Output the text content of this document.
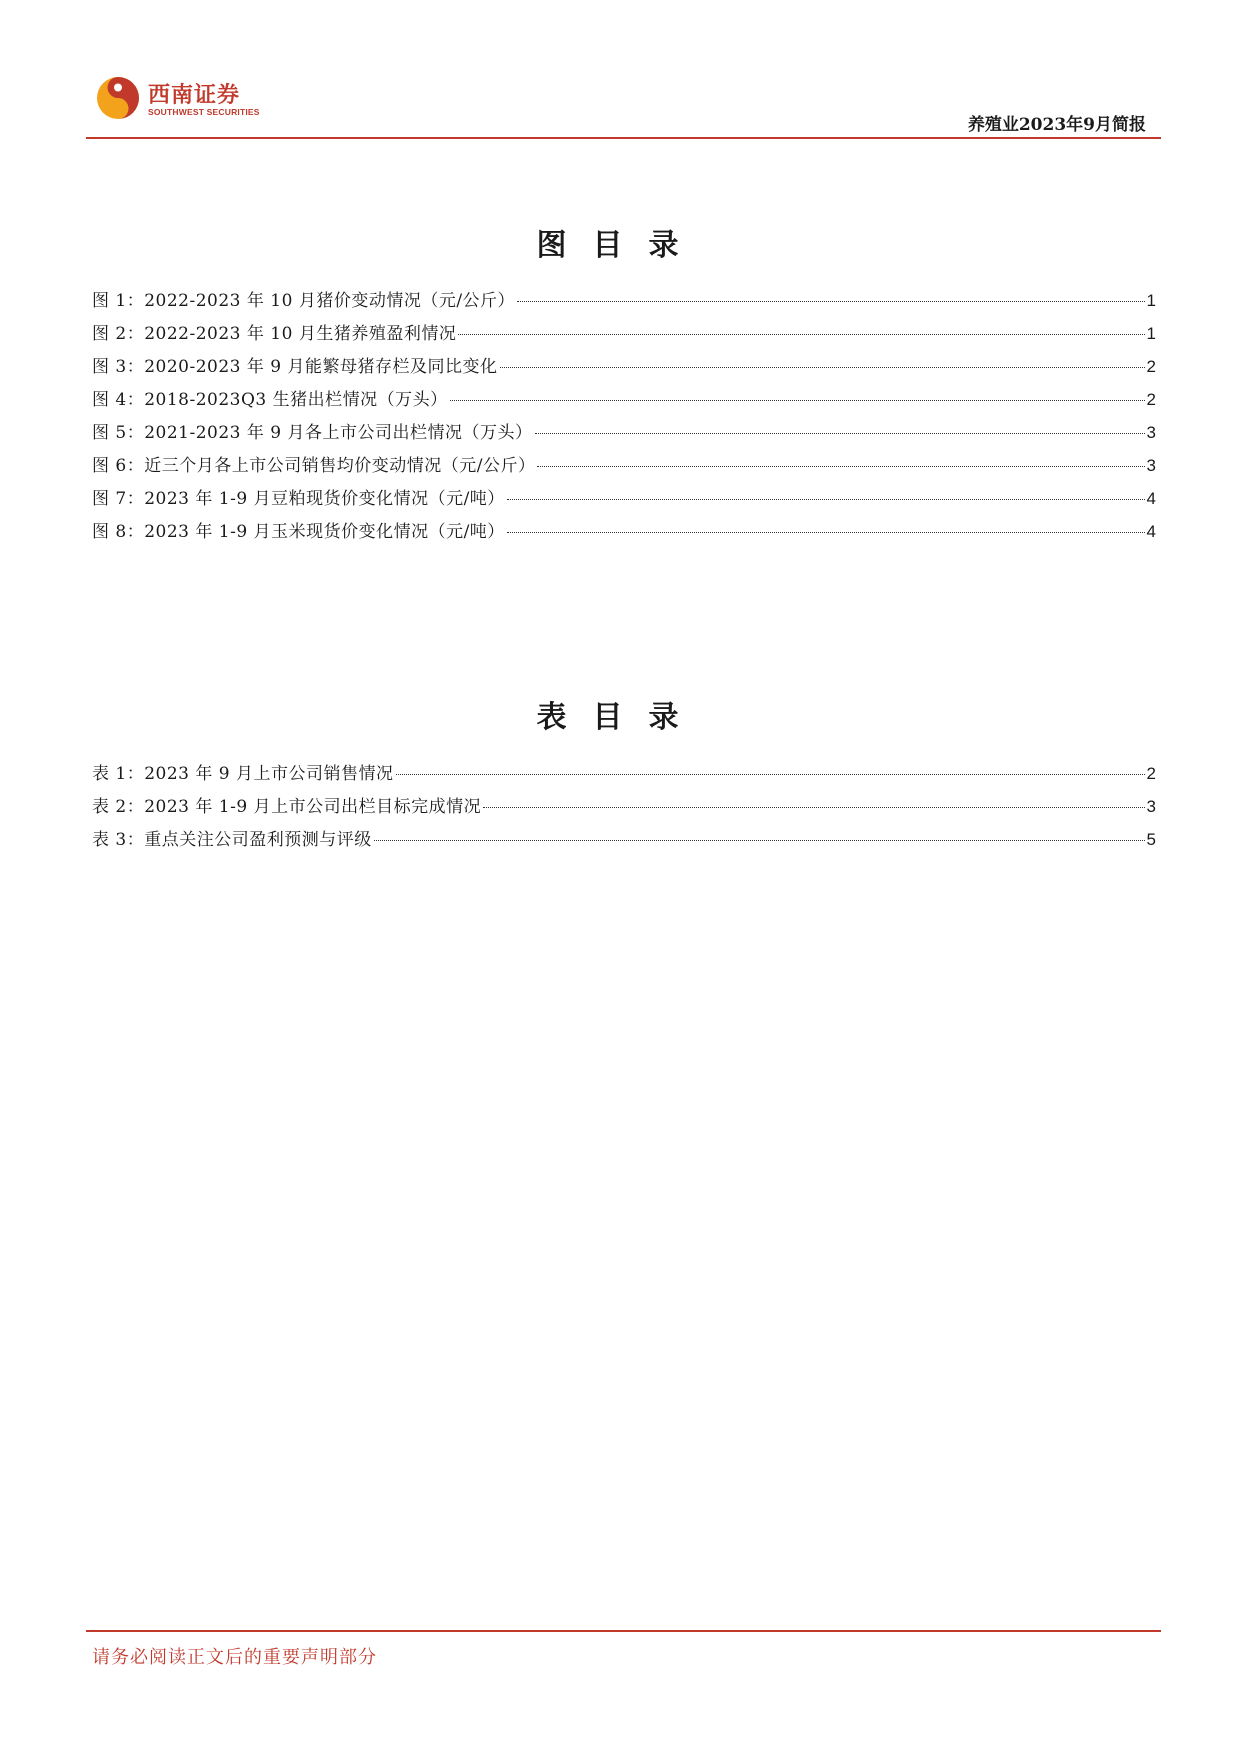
西南证券
SOUTHWEST SECURITIES
养殖业2023年9月简报
图目录
图 1：2022-2023 年 10 月猪价变动情况（元/公斤）	1
图 2：2022-2023 年 10 月生猪养殖盈利情况	1
图 3：2020-2023 年 9 月能繁母猪存栏及同比变化	2
图 4：2018-2023Q3 生猪出栏情况（万头）	2
图 5：2021-2023 年 9 月各上市公司出栏情况（万头）	3
图 6：近三个月各上市公司销售均价变动情况（元/公斤）	3
图 7：2023 年 1-9 月豆粕现货价变化情况（元/吨）	4
图 8：2023 年 1-9 月玉米现货价变化情况（元/吨）	4
表目录
表 1：2023 年 9 月上市公司销售情况	2
表 2：2023 年 1-9 月上市公司出栏目标完成情况	3
表 3：重点关注公司盈利预测与评级	5
请务必阅读正文后的重要声明部分
